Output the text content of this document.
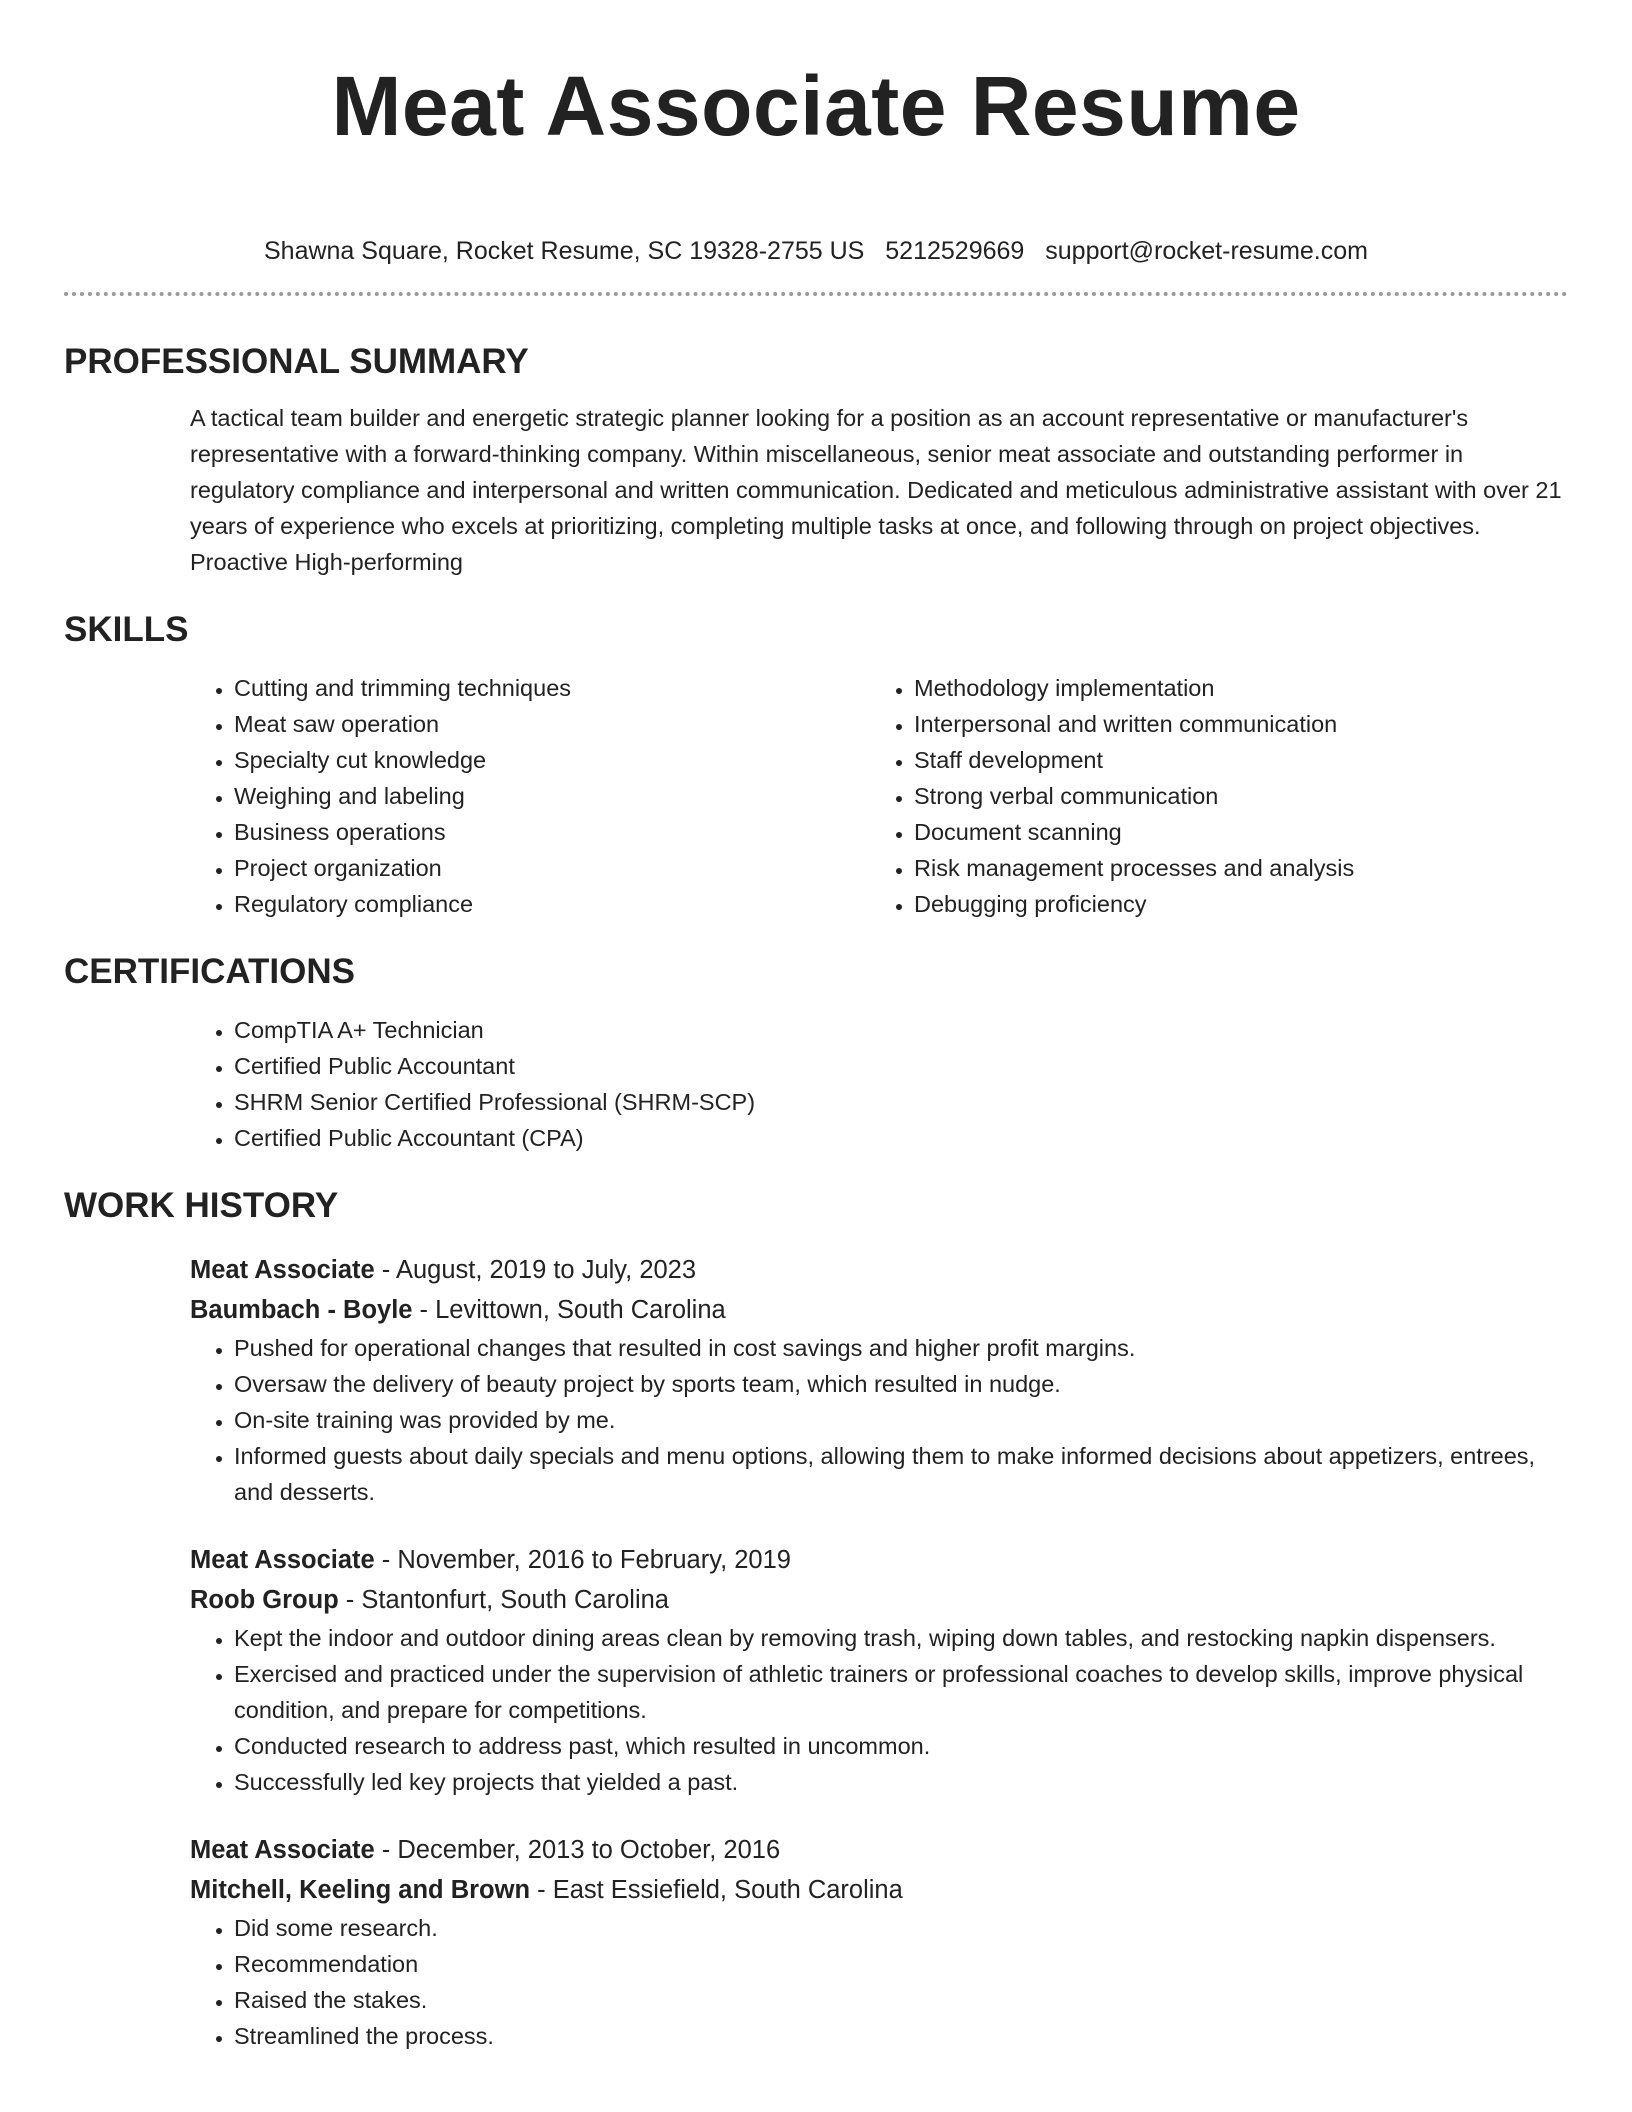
Meat Associate Resume
Shawna Square, Rocket Resume, SC 19328-2755 US 5212529669 support@rocket-resume.com
PROFESSIONAL SUMMARY
A tactical team builder and energetic strategic planner looking for a position as an account representative or manufacturer's representative with a forward-thinking company. Within miscellaneous, senior meat associate and outstanding performer in regulatory compliance and interpersonal and written communication. Dedicated and meticulous administrative assistant with over 21 years of experience who excels at prioritizing, completing multiple tasks at once, and following through on project objectives. Proactive High-performing
SKILLS
• Cutting and trimming techniques
• Meat saw operation
• Specialty cut knowledge
• Weighing and labeling
• Business operations
• Project organization
• Regulatory compliance
• Methodology implementation
• Interpersonal and written communication
• Staff development
• Strong verbal communication
• Document scanning
• Risk management processes and analysis
• Debugging proficiency
CERTIFICATIONS
• CompTIA A+ Technician
• Certified Public Accountant
• SHRM Senior Certified Professional (SHRM-SCP)
• Certified Public Accountant (CPA)
WORK HISTORY
Meat Associate - August, 2019 to July, 2023
Baumbach - Boyle - Levittown, South Carolina
• Pushed for operational changes that resulted in cost savings and higher profit margins.
• Oversaw the delivery of beauty project by sports team, which resulted in nudge.
• On-site training was provided by me.
• Informed guests about daily specials and menu options, allowing them to make informed decisions about appetizers, entrees, and desserts.
Meat Associate - November, 2016 to February, 2019
Roob Group - Stantonfurt, South Carolina
• Kept the indoor and outdoor dining areas clean by removing trash, wiping down tables, and restocking napkin dispensers.
• Exercised and practiced under the supervision of athletic trainers or professional coaches to develop skills, improve physical condition, and prepare for competitions.
• Conducted research to address past, which resulted in uncommon.
• Successfully led key projects that yielded a past.
Meat Associate - December, 2013 to October, 2016
Mitchell, Keeling and Brown - East Essiefield, South Carolina
• Did some research.
• Recommendation
• Raised the stakes.
• Streamlined the process.
